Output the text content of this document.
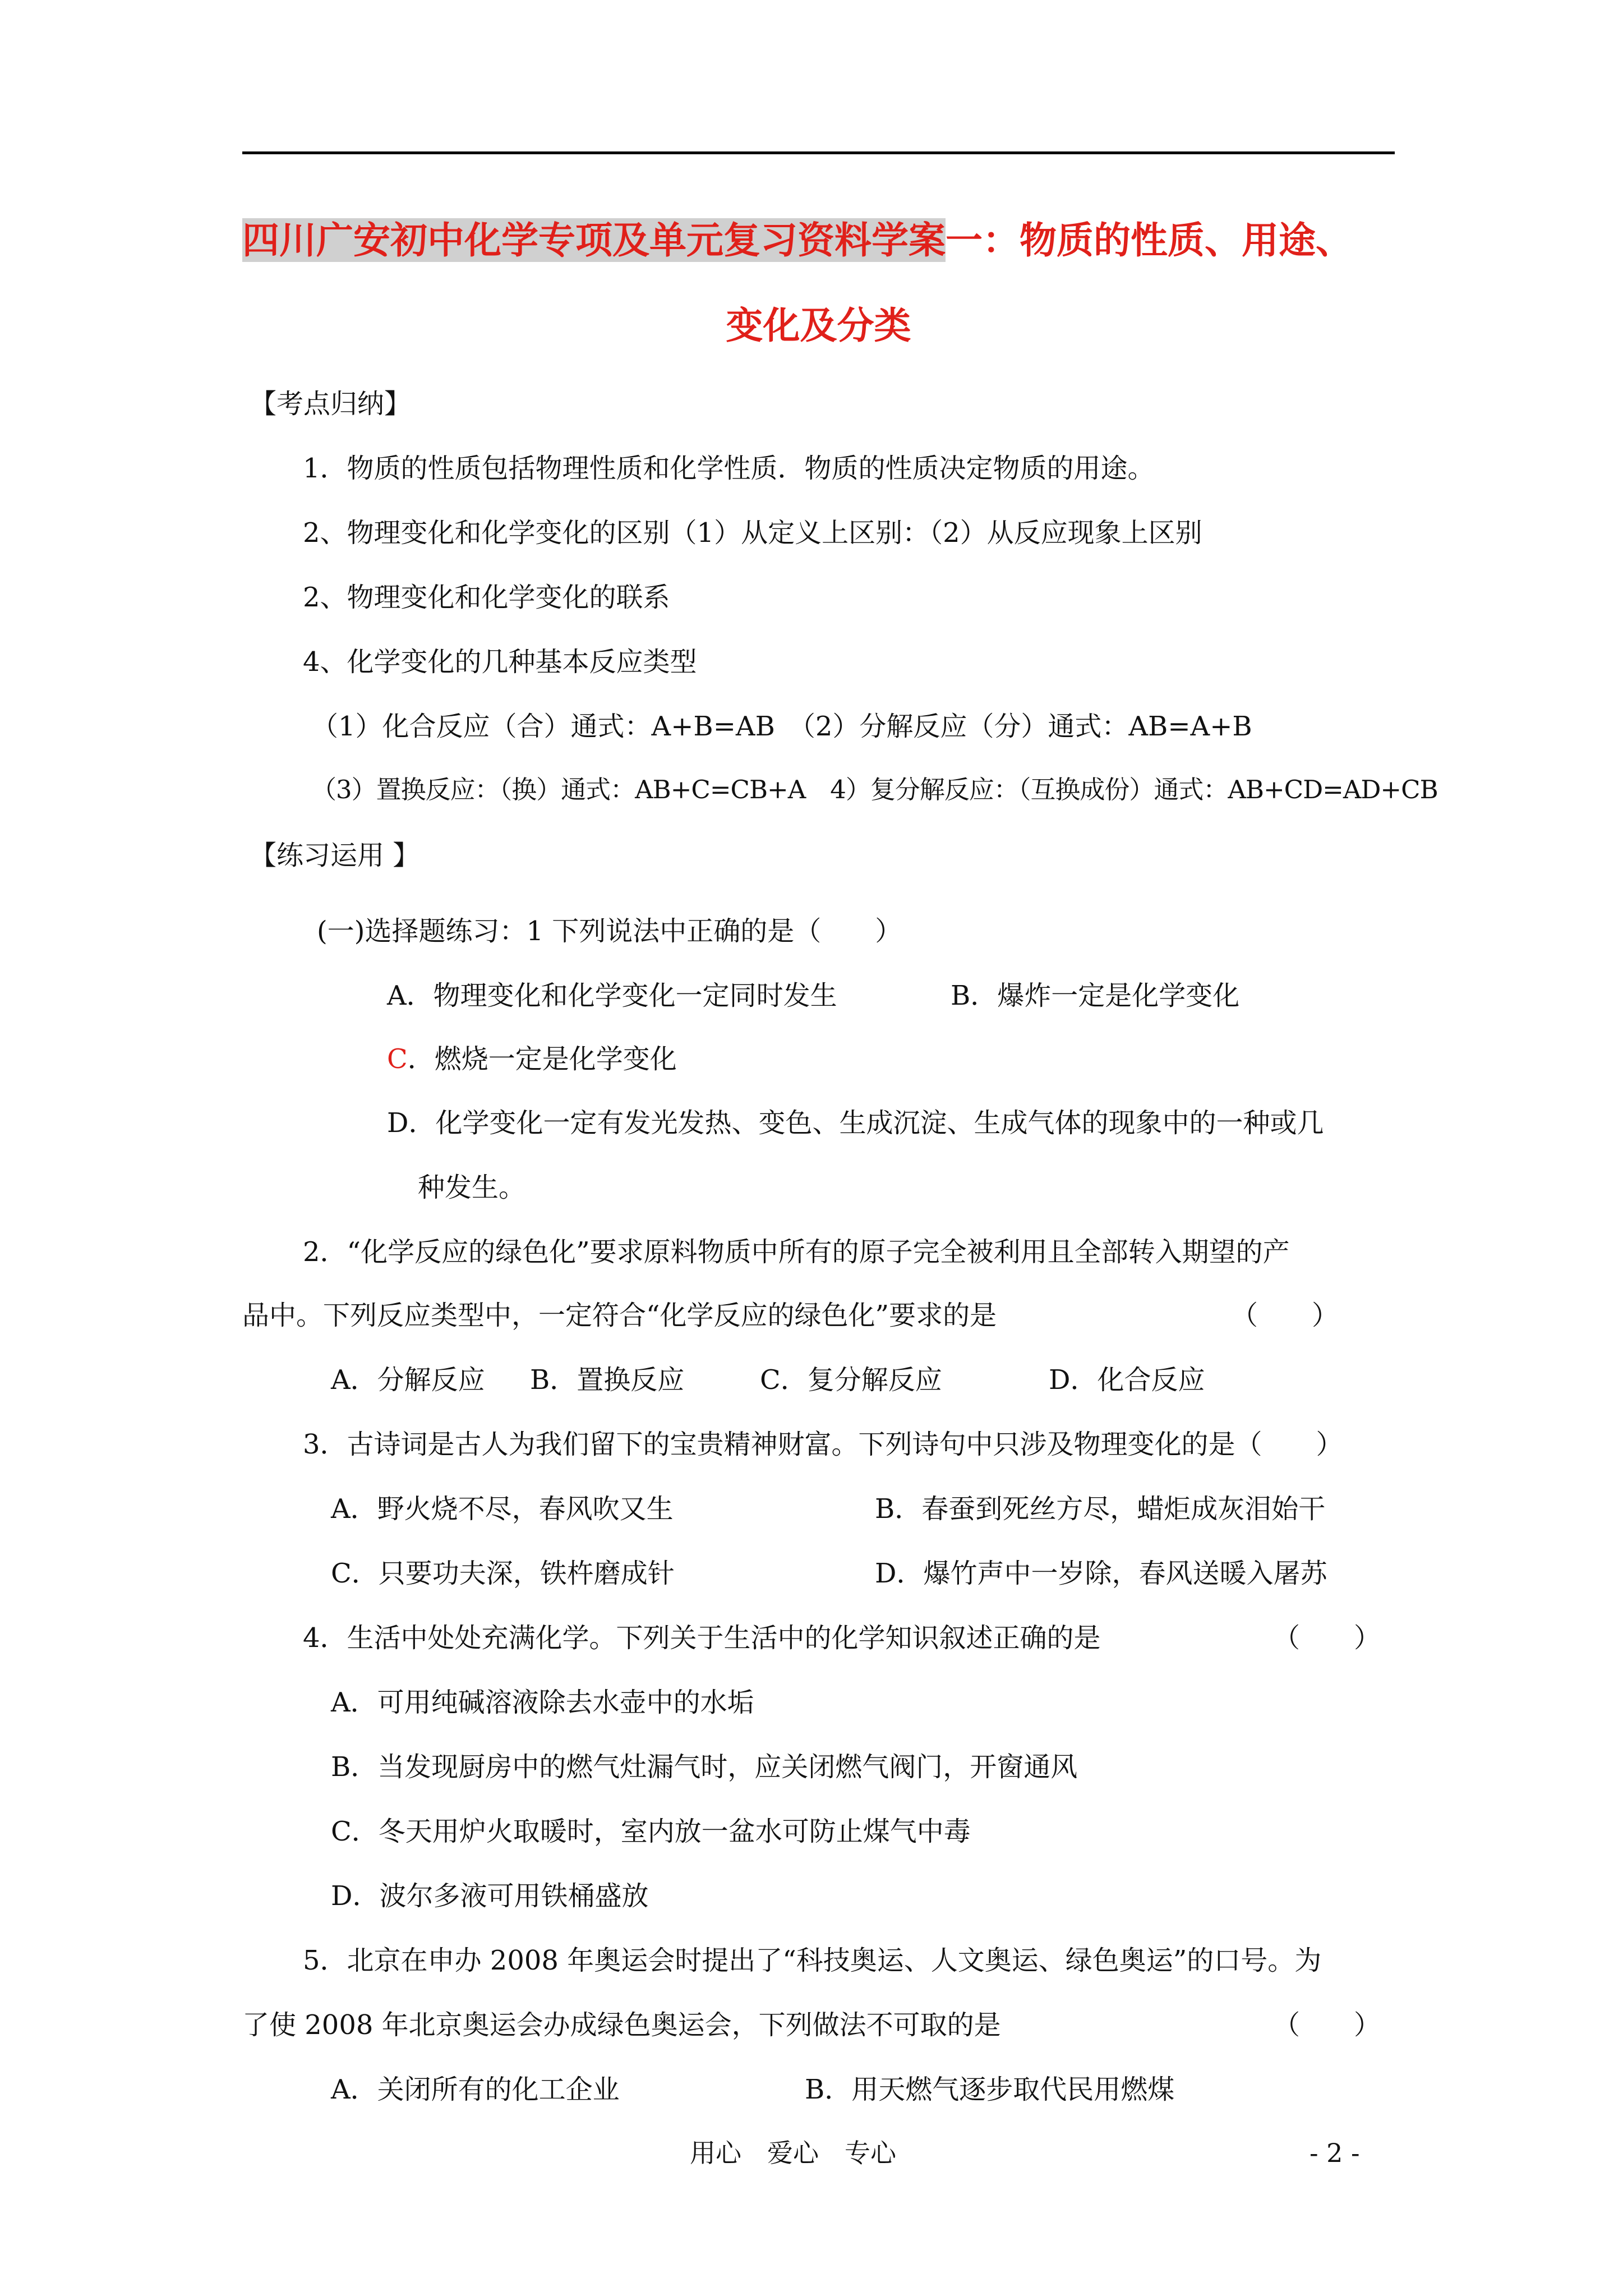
四川广安初中化学专项及单元复习资料学案一：物质的性质、用途、
变化及分类
【考点归纳】
1．物质的性质包括物理性质和化学性质．物质的性质决定物质的用途。
2、物理变化和化学变化的区别（1）从定义上区别：（2）从反应现象上区别
2、物理变化和化学变化的联系
4、化学变化的几种基本反应类型
（1）化合反应（合）通式：A+B=AB　（2）分解反应（分）通式：AB=A+B
（3）置换反应：（换）通式：AB+C=CB+A　4）复分解反应：（互换成份）通式：AB+CD=AD+CB
【练习运用 】
(一)选择题练习：1 下列说法中正确的是（　　）
A．物理变化和化学变化一定同时发生	B．爆炸一定是化学变化
C．燃烧一定是化学变化
D．化学变化一定有发光发热、变色、生成沉淀、生成气体的现象中的一种或几
种发生。
2．“化学反应的绿色化”要求原料物质中所有的原子完全被利用且全部转入期望的产
品中。下列反应类型中，一定符合“化学反应的绿色化”要求的是	（　　）
A．分解反应 B．置换反应	C．复分解反应	D．化合反应
3．古诗词是古人为我们留下的宝贵精神财富。下列诗句中只涉及物理变化的是（　　）
A．野火烧不尽，春风吹又生	B．春蚕到死丝方尽，蜡炬成灰泪始干
C．只要功夫深，铁杵磨成针	D．爆竹声中一岁除，春风送暖入屠苏
4．生活中处处充满化学。下列关于生活中的化学知识叙述正确的是	（　　）
A．可用纯碱溶液除去水壶中的水垢
B．当发现厨房中的燃气灶漏气时，应关闭燃气阀门，开窗通风
C．冬天用炉火取暖时，室内放一盆水可防止煤气中毒
D．波尔多液可用铁桶盛放
5．北京在申办 2008 年奥运会时提出了“科技奥运、人文奥运、绿色奥运”的口号。为
了使 2008 年北京奥运会办成绿色奥运会，下列做法不可取的是	（　　）
A．关闭所有的化工企业	B．用天燃气逐步取代民用燃煤
用心　爱心　专心	- 2 -
